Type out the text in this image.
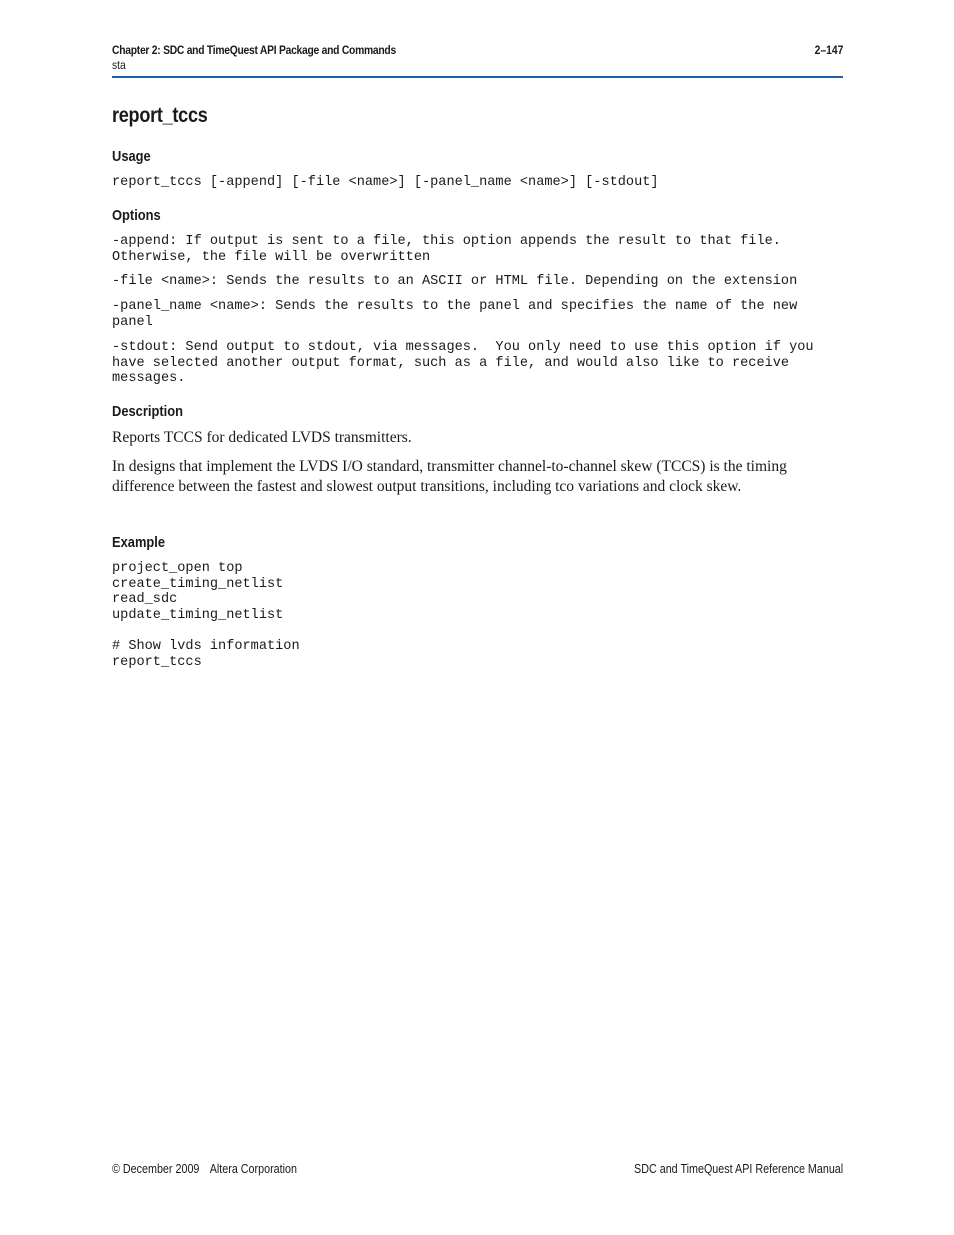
Chapter 2: SDC and TimeQuest API Package and Commands	2–147
sta
report_tccs
Usage
report_tccs [-append] [-file <name>] [-panel_name <name>] [-stdout]
Options
-append: If output is sent to a file, this option appends the result to that file.
Otherwise, the file will be overwritten
-file <name>: Sends the results to an ASCII or HTML file. Depending on the extension
-panel_name <name>: Sends the results to the panel and specifies the name of the new
panel
-stdout: Send output to stdout, via messages.  You only need to use this option if you
have selected another output format, such as a file, and would also like to receive
messages.
Description

Reports TCCS for dedicated LVDS transmitters.

In designs that implement the LVDS I/O standard, transmitter channel-to-channel skew (TCCS) is the timing difference between the fastest and slowest output transitions, including tco variations and clock skew.

Example
project_open top
create_timing_netlist
read_sdc
update_timing_netlist

# Show lvds information
report_tccs
© December 2009 Altera Corporation	SDC and TimeQuest API Reference Manual
